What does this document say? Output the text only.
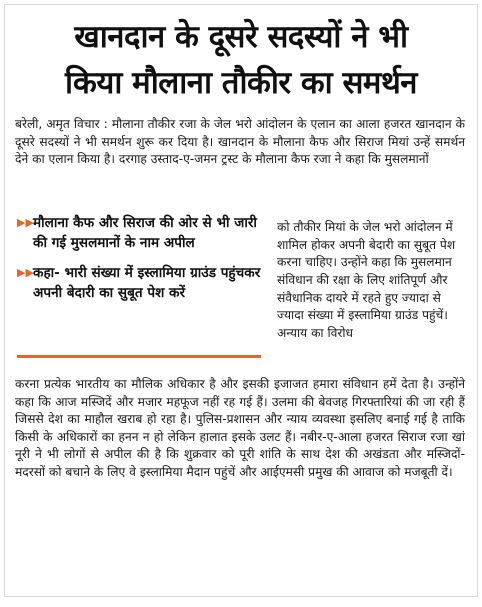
खानदान के दूसरे सदस्यों ने भी
किया मौलाना तौकीर का समर्थन

बरेली, अमृत विचार : मौलाना तौकीर रजा के जेल भरो आंदोलन के एलान का आला हजरत खानदान के दूसरे सदस्यों ने भी समर्थन शुरू कर दिया है। खानदान के मौलाना कैफ और सिराज मियां उन्हें समर्थन देने का एलान किया है। दरगाह उस्ताद-ए-जमन ट्रस्ट के मौलाना कैफ रजा ने कहा कि मुसलमानों

▶▶ मौलाना कैफ और सिराज की ओर से भी जारी की गई मुसलमानों के नाम अपील
▶▶ कहा- भारी संख्या में इस्लामिया ग्राउंड पहुंचकर अपनी बेदारी का सुबूत पेश करें

को तौकीर मियां के जेल भरो आंदोलन में शामिल होकर अपनी बेदारी का सुबूत पेश करना चाहिए। उन्होंने कहा कि मुसलमान संविधान की रक्षा के लिए शांतिपूर्ण और संवैधानिक दायरे में रहते हुए ज्यादा से ज्यादा संख्या में इस्लामिया ग्राउंड पहुंचें। अन्याय का विरोध

करना प्रत्येक भारतीय का मौलिक अधिकार है और इसकी इजाजत हमारा संविधान हमें देता है। उन्होंने कहा कि आज मस्जिदें और मजार महफूज नहीं रह गई हैं। उलमा की बेवजह गिरफ्तारियां की जा रही हैं जिससे देश का माहौल खराब हो रहा है। पुलिस-प्रशासन और न्याय व्यवस्था इसलिए बनाई गई है ताकि किसी के अधिकारों का हनन न हो लेकिन हालात इसके उलट हैं। नबीर-ए-आला हजरत सिराज रजा खां नूरी ने भी लोगों से अपील की है कि शुक्रवार को पूरी शांति के साथ देश की अखंडता और मस्जिदों-मदरसों को बचाने के लिए वे इस्लामिया मैदान पहुंचें और आईएमसी प्रमुख की आवाज को मजबूती दें।
